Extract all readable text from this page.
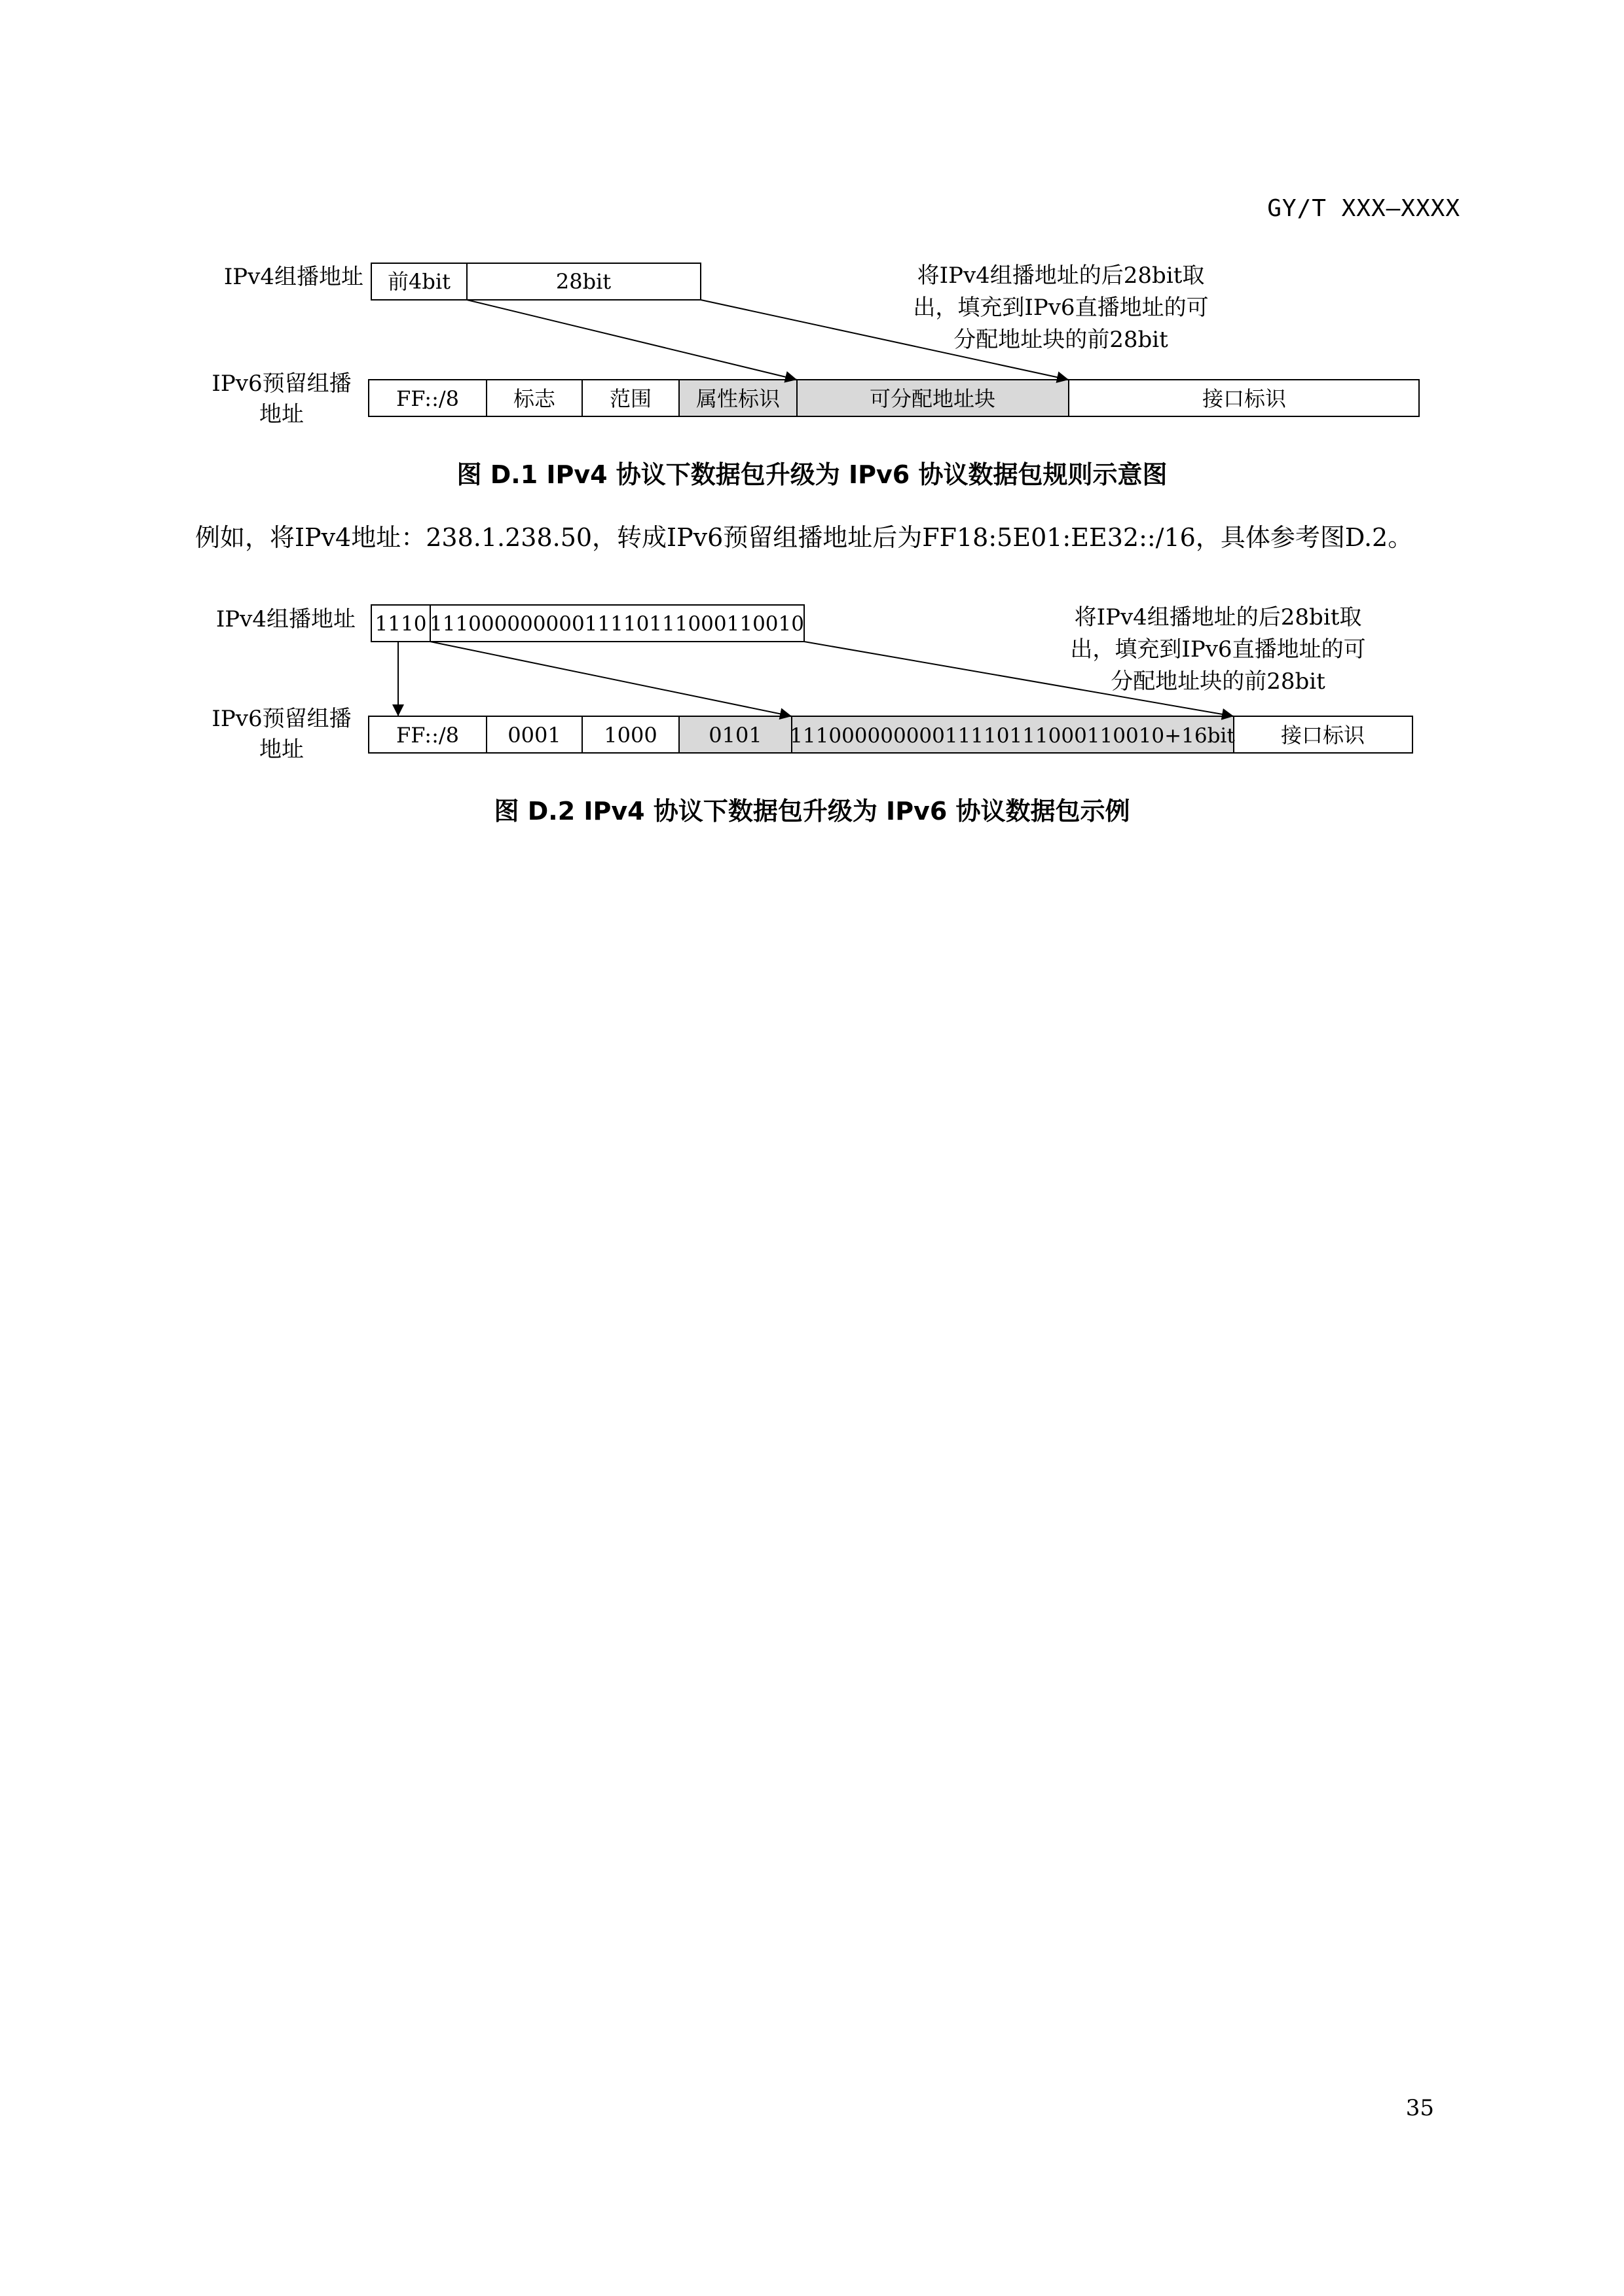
GY/T XXX—XXXX
IPv4组播地址 前4bit	28bit	将IPv4组播地址的后28bit取
出，填充到IPv6直播地址的可
分配地址块的前28bit
IPv6预留组播
地址
FF::/8	标志	范围 属性标识	可分配地址块	接口标识
图 D.1 IPv4 协议下数据包升级为 IPv6 协议数据包规则示意图
例如，将IPv4地址：238.1.238.50，转成IPv6预留组播地址后为FF18:5E01:EE32::/16，具体参考图D.2。
IPv4组播地址 1110 11100000000011110111000110010	将IPv4组播地址的后28bit取
出，填充到IPv6直播地址的可
分配地址块的前28bit
IPv6预留组播
地址
FF::/8 0001 1000 0101 11100000000011110111000110010+16bit 接口标识
图 D.2 IPv4 协议下数据包升级为 IPv6 协议数据包示例
35
